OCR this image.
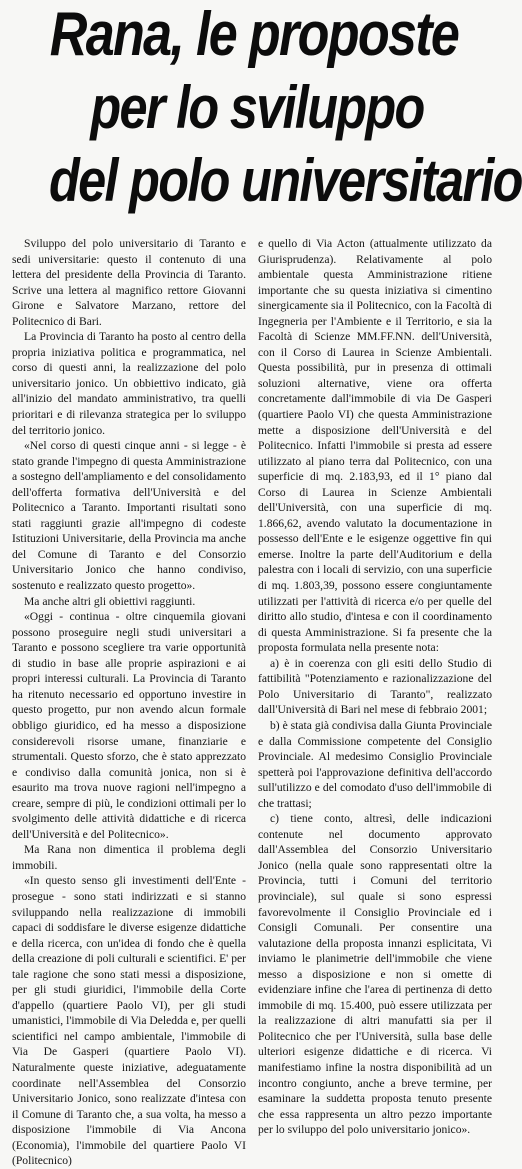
Rana, le proposte
per lo sviluppo
del polo universitario

Sviluppo del polo universitario di Taranto e sedi universitarie: questo il contenuto di una lettera del presidente della Provincia di Taranto. Scrive una lettera al magnifico rettore Giovanni Girone e Salvatore Marzano, rettore del Politecnico di Bari.

La Provincia di Taranto ha posto al centro della propria iniziativa politica e programmatica, nel corso di questi anni, la realizzazione del polo universitario jonico. Un obbiettivo indicato, già all'inizio del mandato amministrativo, tra quelli prioritari e di rilevanza strategica per lo sviluppo del territorio jonico.

«Nel corso di questi cinque anni - si legge - è stato grande l'impegno di questa Amministrazione a sostegno dell'ampliamento e del consolidamento dell'offerta formativa dell'Università e del Politecnico a Taranto. Importanti risultati sono stati raggiunti grazie all'impegno di codeste Istituzioni Universitarie, della Provincia ma anche del Comune di Taranto e del Consorzio Universitario Jonico che hanno condiviso, sostenuto e realizzato questo progetto».

Ma anche altri gli obiettivi raggiunti.

«Oggi - continua - oltre cinquemila giovani possono proseguire negli studi universitari a Taranto e possono scegliere tra varie opportunità di studio in base alle proprie aspirazioni e ai propri interessi culturali. La Provincia di Taranto ha ritenuto necessario ed opportuno investire in questo progetto, pur non avendo alcun formale obbligo giuridico, ed ha messo a disposizione considerevoli risorse umane, finanziarie e strumentali. Questo sforzo, che è stato apprezzato e condiviso dalla comunità jonica, non si è esaurito ma trova nuove ragioni nell'impegno a creare, sempre di più, le condizioni ottimali per lo svolgimento delle attività didattiche e di ricerca dell'Università e del Politecnico».

Ma Rana non dimentica il problema degli immobili.

«In questo senso gli investimenti dell'Ente - prosegue - sono stati indirizzati e si stanno sviluppando nella realizzazione di immobili capaci di soddisfare le diverse esigenze didattiche e della ricerca, con un'idea di fondo che è quella della creazione di poli culturali e scientifici. E' per tale ragione che sono stati messi a disposizione, per gli studi giuridici, l'immobile della Corte d'appello (quartiere Paolo VI), per gli studi umanistici, l'immobile di Via Deledda e, per quelli scientifici nel campo ambientale, l'immobile di Via De Gasperi (quartiere Paolo VI). Naturalmente queste iniziative, adeguatamente coordinate nell'Assemblea del Consorzio Universitario Jonico, sono realizzate d'intesa con il Comune di Taranto che, a sua volta, ha messo a disposizione l'immobile di Via Ancona (Economia), l'immobile del quartiere Paolo VI (Politecnico)

e quello di Via Acton (attualmente utilizzato da Giurisprudenza). Relativamente al polo ambientale questa Amministrazione ritiene importante che su questa iniziativa si cimentino sinergicamente sia il Politecnico, con la Facoltà di Ingegneria per l'Ambiente e il Territorio, e sia la Facoltà di Scienze MM.FF.NN. dell'Università, con il Corso di Laurea in Scienze Ambientali. Questa possibilità, pur in presenza di ottimali soluzioni alternative, viene ora offerta concretamente dall'immobile di via De Gasperi (quartiere Paolo VI) che questa Amministrazione mette a disposizione dell'Università e del Politecnico. Infatti l'immobile si presta ad essere utilizzato al piano terra dal Politecnico, con una superficie di mq. 2.183,93, ed il 1° piano dal Corso di Laurea in Scienze Ambientali dell'Università, con una superficie di mq. 1.866,62, avendo valutato la documentazione in possesso dell'Ente e le esigenze oggettive fin qui emerse. Inoltre la parte dell'Auditorium e della palestra con i locali di servizio, con una superficie di mq. 1.803,39, possono essere congiuntamente utilizzati per l'attività di ricerca e/o per quelle del diritto allo studio, d'intesa e con il coordinamento di questa Amministrazione. Si fa presente che la proposta formulata nella presente nota:

a) è in coerenza con gli esiti dello Studio di fattibilità "Potenziamento e razionalizzazione del Polo Universitario di Taranto", realizzato dall'Università di Bari nel mese di febbraio 2001;

b) è stata già condivisa dalla Giunta Provinciale e dalla Commissione competente del Consiglio Provinciale. Al medesimo Consiglio Provinciale spetterà poi l'approvazione definitiva dell'accordo sull'utilizzo e del comodato d'uso dell'immobile di che trattasi;

c) tiene conto, altresì, delle indicazioni contenute nel documento approvato dall'Assemblea del Consorzio Universitario Jonico (nella quale sono rappresentati oltre la Provincia, tutti i Comuni del territorio provinciale), sul quale si sono espressi favorevolmente il Consiglio Provinciale ed i Consigli Comunali. Per consentire una valutazione della proposta innanzi esplicitata, Vi inviamo le planimetrie dell'immobile che viene messo a disposizione e non si omette di evidenziare infine che l'area di pertinenza di detto immobile di mq. 15.400, può essere utilizzata per la realizzazione di altri manufatti sia per il Politecnico che per l'Università, sulla base delle ulteriori esigenze didattiche e di ricerca. Vi manifestiamo infine la nostra disponibilità ad un incontro congiunto, anche a breve termine, per esaminare la suddetta proposta tenuto presente che essa rappresenta un altro pezzo importante per lo sviluppo del polo universitario jonico».
